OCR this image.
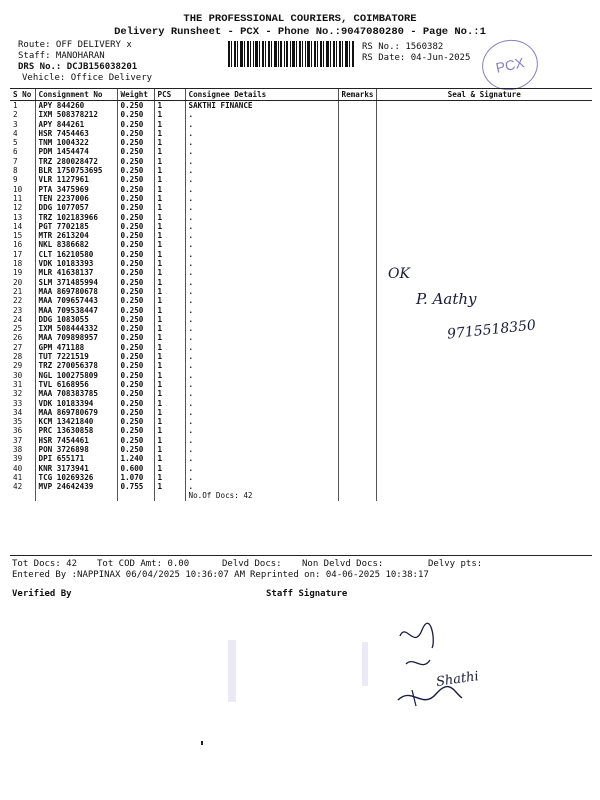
THE PROFESSIONAL COURIERS, COIMBATORE
Delivery Runsheet - PCX - Phone No.:9047080280 - Page No.:1
Route: OFF DELIVERY x
Staff: MANOHARAN
DRS No.: DCJB156038201
Vehicle: Office Delivery
RS No.: 1560382
RS Date: 04-Jun-2025 PCX
S No	Consignment No	Weight	PCS	Consignee Details	Remarks	Seal & Signature
1	APY 844260	0.250	1	SAKTHI FINANCE		
2	IXM 508378212	0.250	1	.		
3	APY 844261	0.250	1	.		
4	HSR 7454463	0.250	1	.		
5	TNM 1004322	0.250	1	.		
6	PDM 1454474	0.250	1	.		
7	TRZ 280028472	0.250	1	.		
8	BLR 1750753695	0.250	1	.		
9	VLR 1127961	0.250	1	.		
10	PTA 3475969	0.250	1	.		
11	TEN 2237006	0.250	1	.		
12	DDG 1077057	0.250	1	.		
13	TRZ 102183966	0.250	1	.		
14	PGT 7702185	0.250	1	.		
15	MTR 2613204	0.250	1	.		
16	NKL 8386682	0.250	1	.		
17	CLT 16210580	0.250	1	.		
18	VDK 10183393	0.250	1	.		
19	MLR 41638137	0.250	1	.		
20	SLM 371485994	0.250	1	.		
21	MAA 869780678	0.250	1	.		
22	MAA 709657443	0.250	1	.		
23	MAA 709538447	0.250	1	.		
24	DDG 1083055	0.250	1	.		
25	IXM 508444332	0.250	1	.		
26	MAA 709898957	0.250	1	.		
27	GPM 471188	0.250	1	.		
28	TUT 7221519	0.250	1	.		
29	TRZ 270056378	0.250	1	.		
30	NGL 100275809	0.250	1	.		
31	TVL 6168956	0.250	1	.		
32	MAA 708383785	0.250	1	.		
33	VDK 10183394	0.250	1	.		
34	MAA 869780679	0.250	1	.		
35	KCM 13421840	0.250	1	.		
36	PRC 13630858	0.250	1	.		
37	HSR 7454461	0.250	1	.		
38	PON 3726898	0.250	1	.		
39	DPI 655171	1.240	1	.		
40	KNR 3173941	0.600	1	.		
41	TCG 10269326	1.070	1	.		
42	MVP 24642439	0.755	1	.		
				No.Of Docs: 42		
Tot Docs: 42 Tot COD Amt: 0.00	Delvd Docs: Non Delvd Docs:	Delvy pts:
Entered By :NAPPINAX 06/04/2025 10:36:07 AM Reprinted on: 04-06-2025 10:38:17
Verified By	Staff Signature
OK
P. Aathy
9715518350
Shathi
